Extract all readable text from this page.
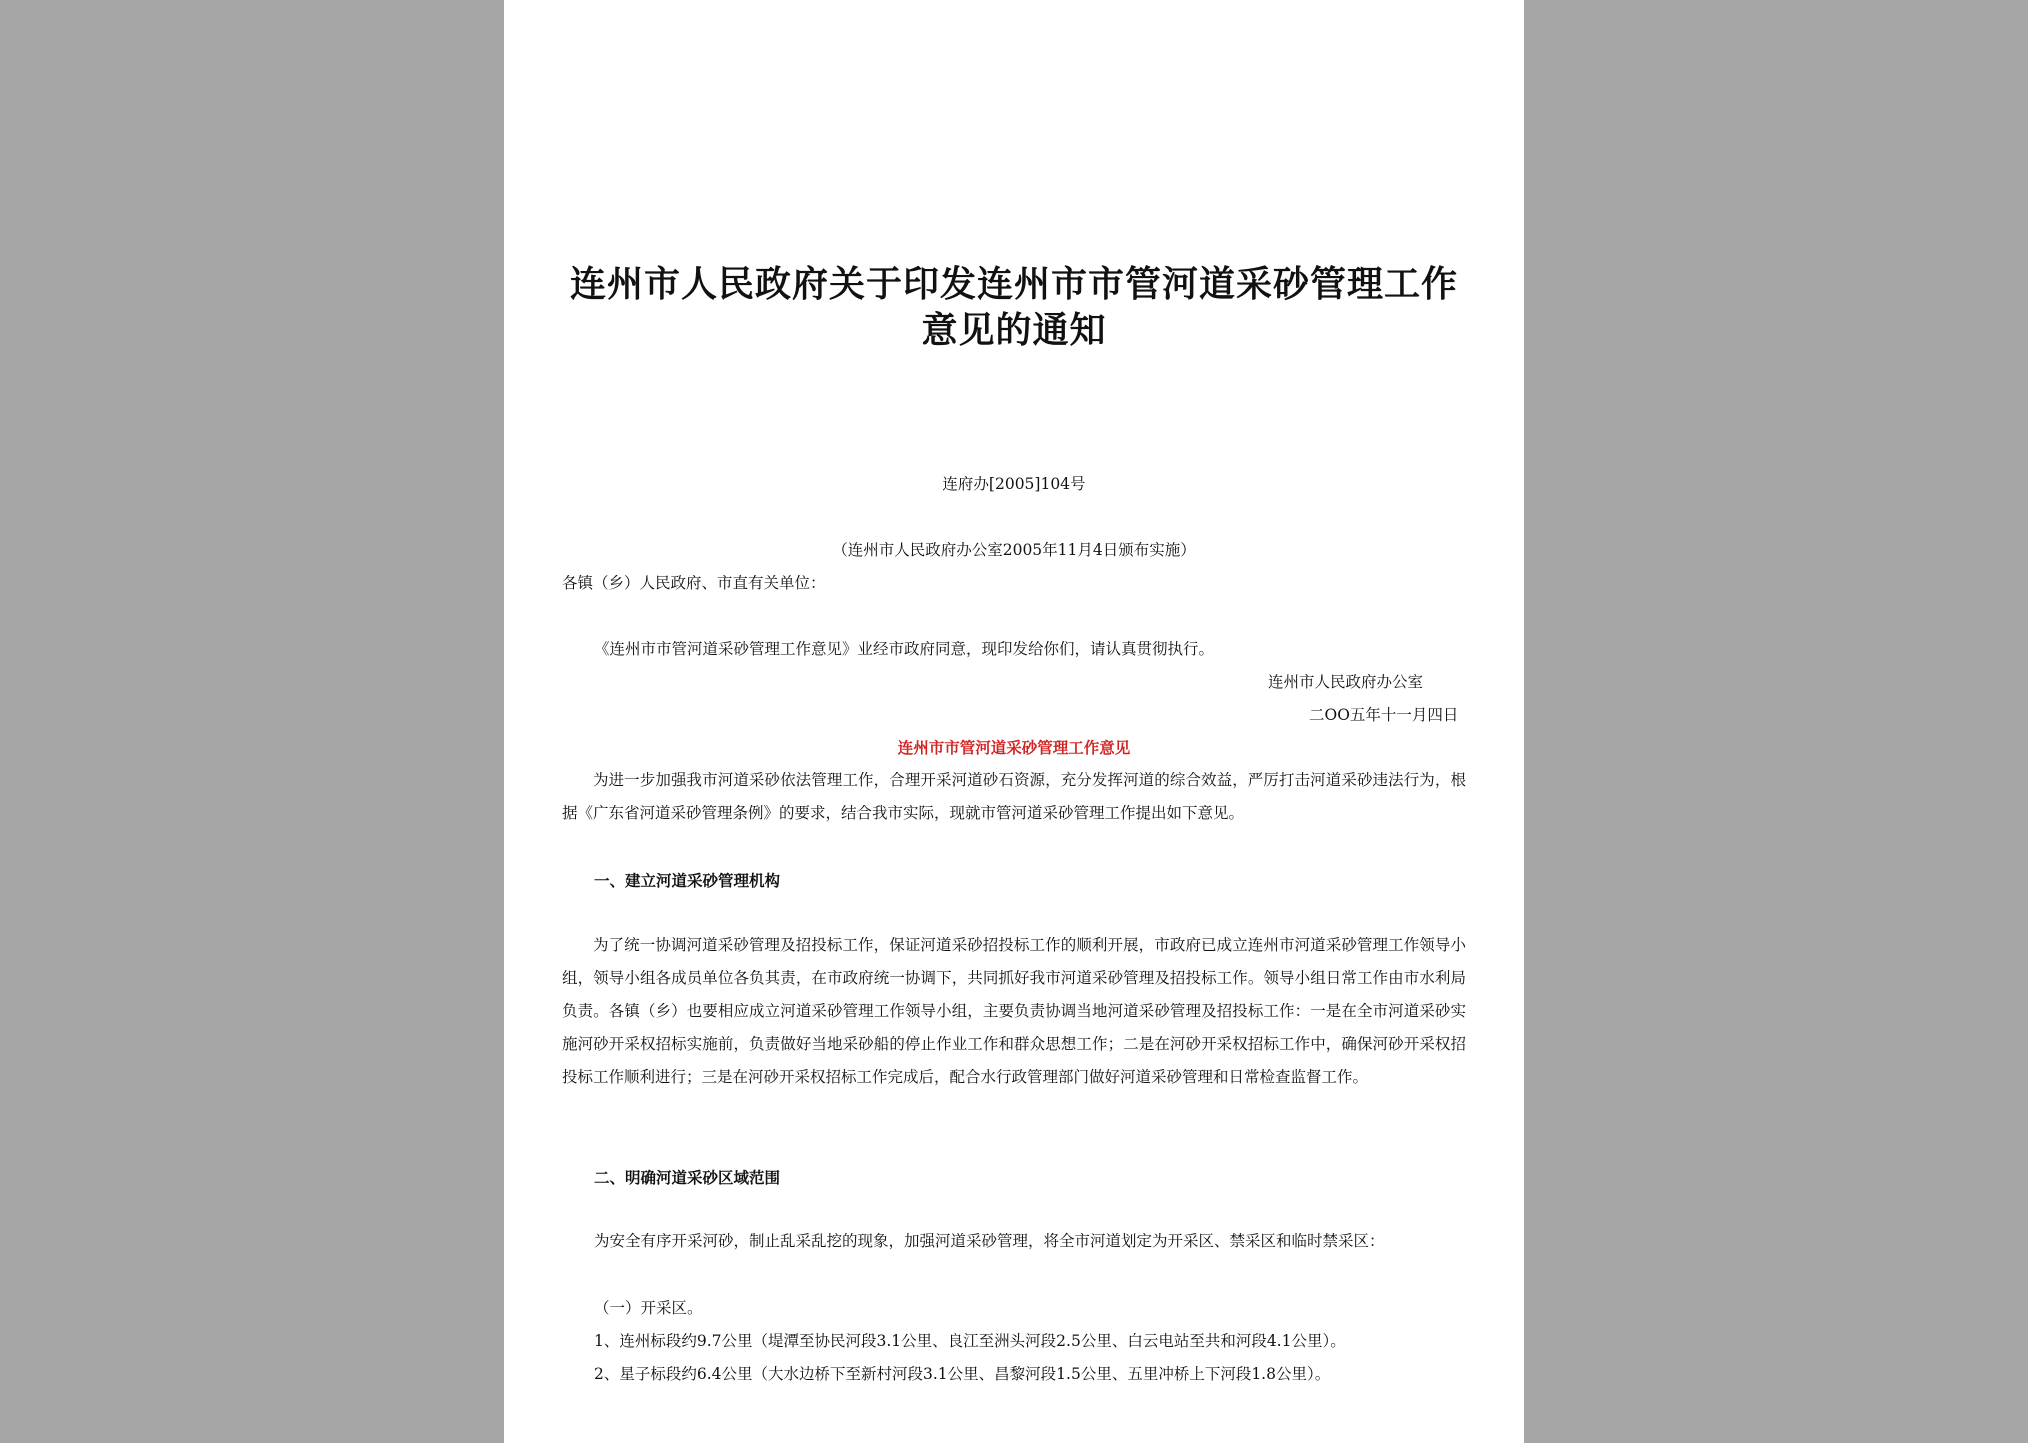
连州市人民政府关于印发连州市市管河道采砂管理工作
意见的通知
连府办[2005]104号
（连州市人民政府办公室2005年11月4日颁布实施）
各镇（乡）人民政府、市直有关单位：
《连州市市管河道采砂管理工作意见》业经市政府同意，现印发给你们，请认真贯彻执行。
连州市人民政府办公室
二OO五年十一月四日
连州市市管河道采砂管理工作意见
为进一步加强我市河道采砂依法管理工作，合理开采河道砂石资源，充分发挥河道的综合效益，严厉打击河道采砂违法行为，根据《广东省河道采砂管理条例》的要求，结合我市实际，现就市管河道采砂管理工作提出如下意见。
一、建立河道采砂管理机构
为了统一协调河道采砂管理及招投标工作，保证河道采砂招投标工作的顺利开展，市政府已成立连州市河道采砂管理工作领导小组，领导小组各成员单位各负其责，在市政府统一协调下，共同抓好我市河道采砂管理及招投标工作。领导小组日常工作由市水利局负责。各镇（乡）也要相应成立河道采砂管理工作领导小组，主要负责协调当地河道采砂管理及招投标工作：一是在全市河道采砂实施河砂开采权招标实施前，负责做好当地采砂船的停止作业工作和群众思想工作；二是在河砂开采权招标工作中，确保河砂开采权招投标工作顺利进行；三是在河砂开采权招标工作完成后，配合水行政管理部门做好河道采砂管理和日常检查监督工作。
二、明确河道采砂区域范围
为安全有序开采河砂，制止乱采乱挖的现象，加强河道采砂管理，将全市河道划定为开采区、禁采区和临时禁采区：
（一）开采区。
1、连州标段约9.7公里（堤潭至协民河段3.1公里、良江至洲头河段2.5公里、白云电站至共和河段4.1公里）。
2、星子标段约6.4公里（大水边桥下至新村河段3.1公里、昌黎河段1.5公里、五里冲桥上下河段1.8公里）。
